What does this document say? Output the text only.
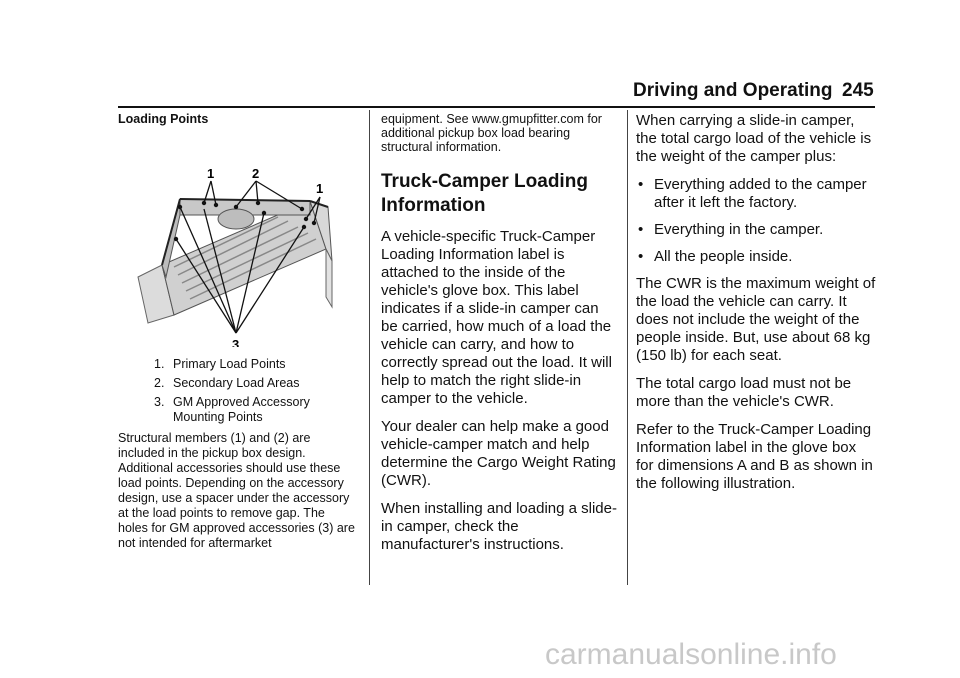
Driving and Operating 245
Loading Points
1	2
1
3
1. Primary Load Points
2. Secondary Load Areas
3. GM Approved Accessory Mounting Points

Structural members (1) and (2) are included in the pickup box design. Additional accessories should use these load points. Depending on the accessory design, use a spacer under the accessory at the load points to remove gap. The holes for GM approved accessories (3) are not intended for aftermarket

equipment. See www.gmupfitter.com for additional pickup box load bearing structural information.

Truck-Camper Loading Information

A vehicle-specific Truck-Camper Loading Information label is attached to the inside of the vehicle's glove box. This label indicates if a slide-in camper can be carried, how much of a load the vehicle can carry, and how to correctly spread out the load. It will help to match the right slide-in camper to the vehicle.

Your dealer can help make a good vehicle-camper match and help determine the Cargo Weight Rating (CWR).

When installing and loading a slide-in camper, check the manufacturer's instructions.

When carrying a slide-in camper, the total cargo load of the vehicle is the weight of the camper plus:

• Everything added to the camper after it left the factory.
• Everything in the camper.
• All the people inside.

The CWR is the maximum weight of the load the vehicle can carry. It does not include the weight of the people inside. But, use about 68 kg (150 lb) for each seat.

The total cargo load must not be more than the vehicle's CWR.

Refer to the Truck-Camper Loading Information label in the glove box for dimensions A and B as shown in the following illustration.

carmanualsonline.info
